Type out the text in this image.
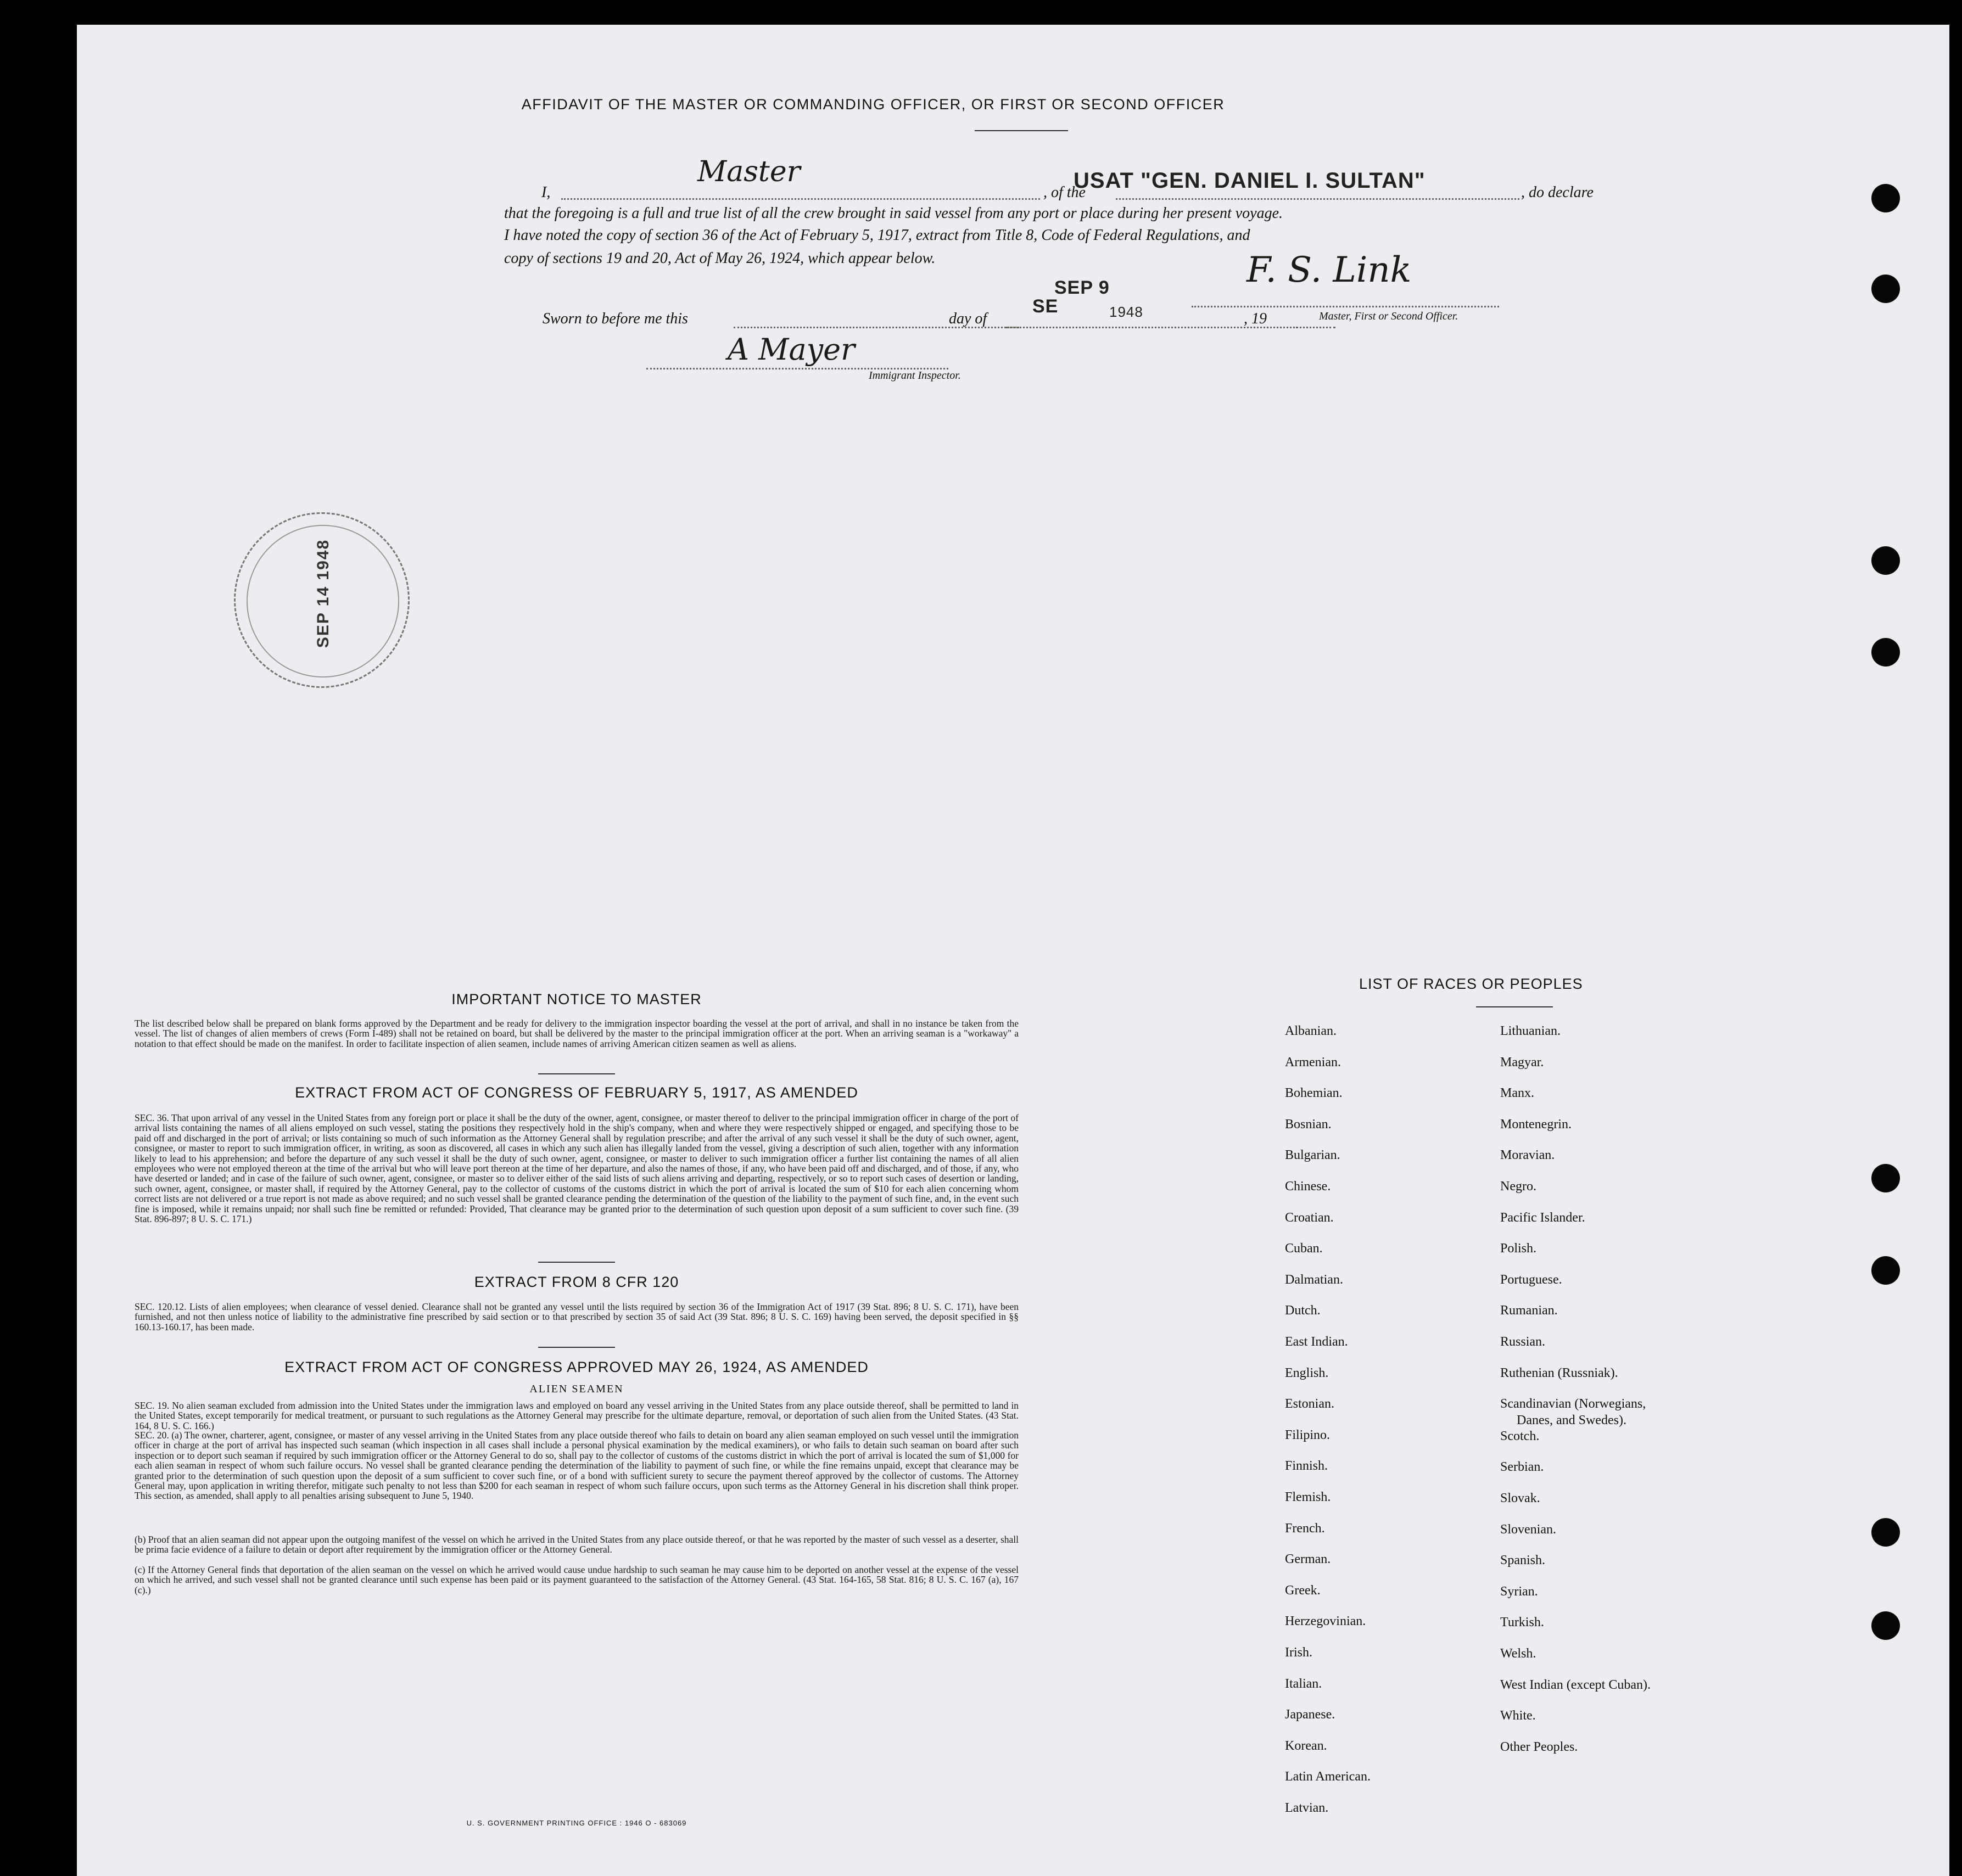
AFFIDAVIT OF THE MASTER OR COMMANDING OFFICER, OR FIRST OR SECOND OFFICER
I,
Master
, of the
USAT "GEN. DANIEL I. SULTAN"	, do declare
that the foregoing is a full and true list of all the crew brought in said vessel from any port or place during her present voyage.
I have noted the copy of section 36 of the Act of February 5, 1917, extract from Title 8, Code of Federal Regulations, and
copy of sections 19 and 20, Act of May 26, 1924, which appear below.
SEP 9	F. S. Link
Master, First or Second Officer.
Sworn to before me this	day of
SE	1948	, 19
A Mayer
Immigrant Inspector.
SEP 14 1948
IMPORTANT NOTICE TO MASTER
The list described below shall be prepared on blank forms approved by the Department and be ready for delivery to the immigration inspector boarding the vessel at the port of arrival, and shall in no instance be taken from the vessel. The list of changes of alien members of crews (Form I-489) shall not be retained on board, but shall be delivered by the master to the principal immigration officer at the port. When an arriving seaman is a "workaway" a notation to that effect should be made on the manifest. In order to facilitate inspection of alien seamen, include names of arriving American citizen seamen as well as aliens.
EXTRACT FROM ACT OF CONGRESS OF FEBRUARY 5, 1917, AS AMENDED
SEC. 36. That upon arrival of any vessel in the United States from any foreign port or place it shall be the duty of the owner, agent, consignee, or master thereof to deliver to the principal immigration officer in charge of the port of arrival lists containing the names of all aliens employed on such vessel, stating the positions they respectively hold in the ship's company, when and where they were respectively shipped or engaged, and specifying those to be paid off and discharged in the port of arrival; or lists containing so much of such information as the Attorney General shall by regulation prescribe; and after the arrival of any such vessel it shall be the duty of such owner, agent, consignee, or master to report to such immigration officer, in writing, as soon as discovered, all cases in which any such alien has illegally landed from the vessel, giving a description of such alien, together with any information likely to lead to his apprehension; and before the departure of any such vessel it shall be the duty of such owner, agent, consignee, or master to deliver to such immigration officer a further list containing the names of all alien employees who were not employed thereon at the time of the arrival but who will leave port thereon at the time of her departure, and also the names of those, if any, who have been paid off and discharged, and of those, if any, who have deserted or landed; and in case of the failure of such owner, agent, consignee, or master so to deliver either of the said lists of such aliens arriving and departing, respectively, or so to report such cases of desertion or landing, such owner, agent, consignee, or master shall, if required by the Attorney General, pay to the collector of customs of the customs district in which the port of arrival is located the sum of $10 for each alien concerning whom correct lists are not delivered or a true report is not made as above required; and no such vessel shall be granted clearance pending the determination of the question of the liability to the payment of such fine, and, in the event such fine is imposed, while it remains unpaid; nor shall such fine be remitted or refunded: Provided, That clearance may be granted prior to the determination of such question upon deposit of a sum sufficient to cover such fine. (39 Stat. 896-897; 8 U. S. C. 171.)
EXTRACT FROM 8 CFR 120
SEC. 120.12. Lists of alien employees; when clearance of vessel denied. Clearance shall not be granted any vessel until the lists required by section 36 of the Immigration Act of 1917 (39 Stat. 896; 8 U. S. C. 171), have been furnished, and not then unless notice of liability to the administrative fine prescribed by said section or to that prescribed by section 35 of said Act (39 Stat. 896; 8 U. S. C. 169) having been served, the deposit specified in §§ 160.13-160.17, has been made.
EXTRACT FROM ACT OF CONGRESS APPROVED MAY 26, 1924, AS AMENDED
ALIEN SEAMEN
SEC. 19. No alien seaman excluded from admission into the United States under the immigration laws and employed on board any vessel arriving in the United States from any place outside thereof, shall be permitted to land in the United States, except temporarily for medical treatment, or pursuant to such regulations as the Attorney General may prescribe for the ultimate departure, removal, or deportation of such alien from the United States. (43 Stat. 164, 8 U. S. C. 166.)
SEC. 20. (a) The owner, charterer, agent, consignee, or master of any vessel arriving in the United States from any place outside thereof who fails to detain on board any alien seaman employed on such vessel until the immigration officer in charge at the port of arrival has inspected such seaman (which inspection in all cases shall include a personal physical examination by the medical examiners), or who fails to detain such seaman on board after such inspection or to deport such seaman if required by such immigration officer or the Attorney General to do so, shall pay to the collector of customs of the customs district in which the port of arrival is located the sum of $1,000 for each alien seaman in respect of whom such failure occurs. No vessel shall be granted clearance pending the determination of the liability to payment of such fine, or while the fine remains unpaid, except that clearance may be granted prior to the determination of such question upon the deposit of a sum sufficient to cover such fine, or of a bond with sufficient surety to secure the payment thereof approved by the collector of customs. The Attorney General may, upon application in writing therefor, mitigate such penalty to not less than $200 for each seaman in respect of whom such failure occurs, upon such terms as the Attorney General in his discretion shall think proper. This section, as amended, shall apply to all penalties arising subsequent to June 5, 1940.
(b) Proof that an alien seaman did not appear upon the outgoing manifest of the vessel on which he arrived in the United States from any place outside thereof, or that he was reported by the master of such vessel as a deserter, shall be prima facie evidence of a failure to detain or deport after requirement by the immigration officer or the Attorney General.
(c) If the Attorney General finds that deportation of the alien seaman on the vessel on which he arrived would cause undue hardship to such seaman he may cause him to be deported on another vessel at the expense of the vessel on which he arrived, and such vessel shall not be granted clearance until such expense has been paid or its payment guaranteed to the satisfaction of the Attorney General. (43 Stat. 164-165, 58 Stat. 816; 8 U. S. C. 167 (a), 167 (c).)
U. S. GOVERNMENT PRINTING OFFICE : 1946 O - 683069
LIST OF RACES OR PEOPLES
Albanian.
Armenian.
Bohemian.
Bosnian.
Bulgarian.
Chinese.
Croatian.
Cuban.
Dalmatian.
Dutch.
East Indian.
English.
Estonian.
Filipino.
Finnish.
Flemish.
French.
German.
Greek.
Herzegovinian.
Irish.
Italian.
Japanese.
Korean.
Latin American.
Latvian.
Lithuanian.
Magyar.
Manx.
Montenegrin.
Moravian.
Negro.
Pacific Islander.
Polish.
Portuguese.
Rumanian.
Russian.
Ruthenian (Russniak).
Scandinavian (Norwegians,
Danes, and Swedes).
Scotch.
Serbian.
Slovak.
Slovenian.
Spanish.
Syrian.
Turkish.
Welsh.
West Indian (except Cuban).
White.
Other Peoples.
